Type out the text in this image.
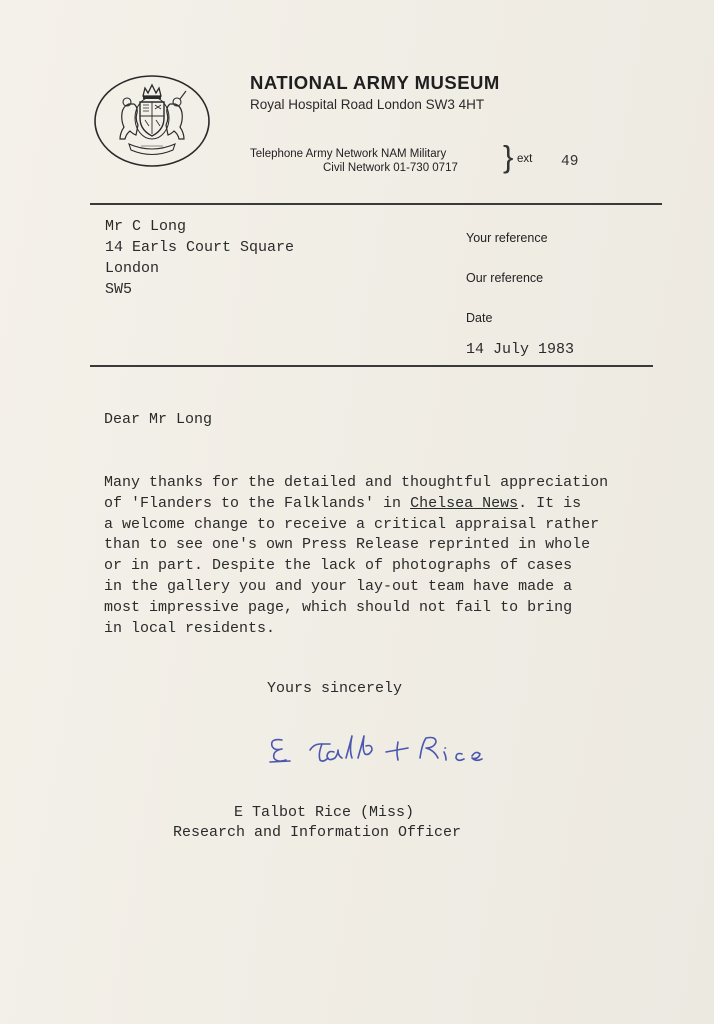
NATIONAL ARMY MUSEUM
Royal Hospital Road London SW3 4HT
Telephone Army Network NAM Military
Civil Network 01-730 0717 } ext 49
Mr C Long
14 Earls Court Square
London
SW5
Your reference
Our reference
Date
14 July 1983
Dear Mr Long
Many thanks for the detailed and thoughtful appreciation
of 'Flanders to the Falklands' in Chelsea News. It is
a welcome change to receive a critical appraisal rather
than to see one's own Press Release reprinted in whole
or in part. Despite the lack of photographs of cases
in the gallery you and your lay-out team have made a
most impressive page, which should not fail to bring
in local residents.
Yours sincerely
E Talbot Rice (Miss)
Research and Information Officer
